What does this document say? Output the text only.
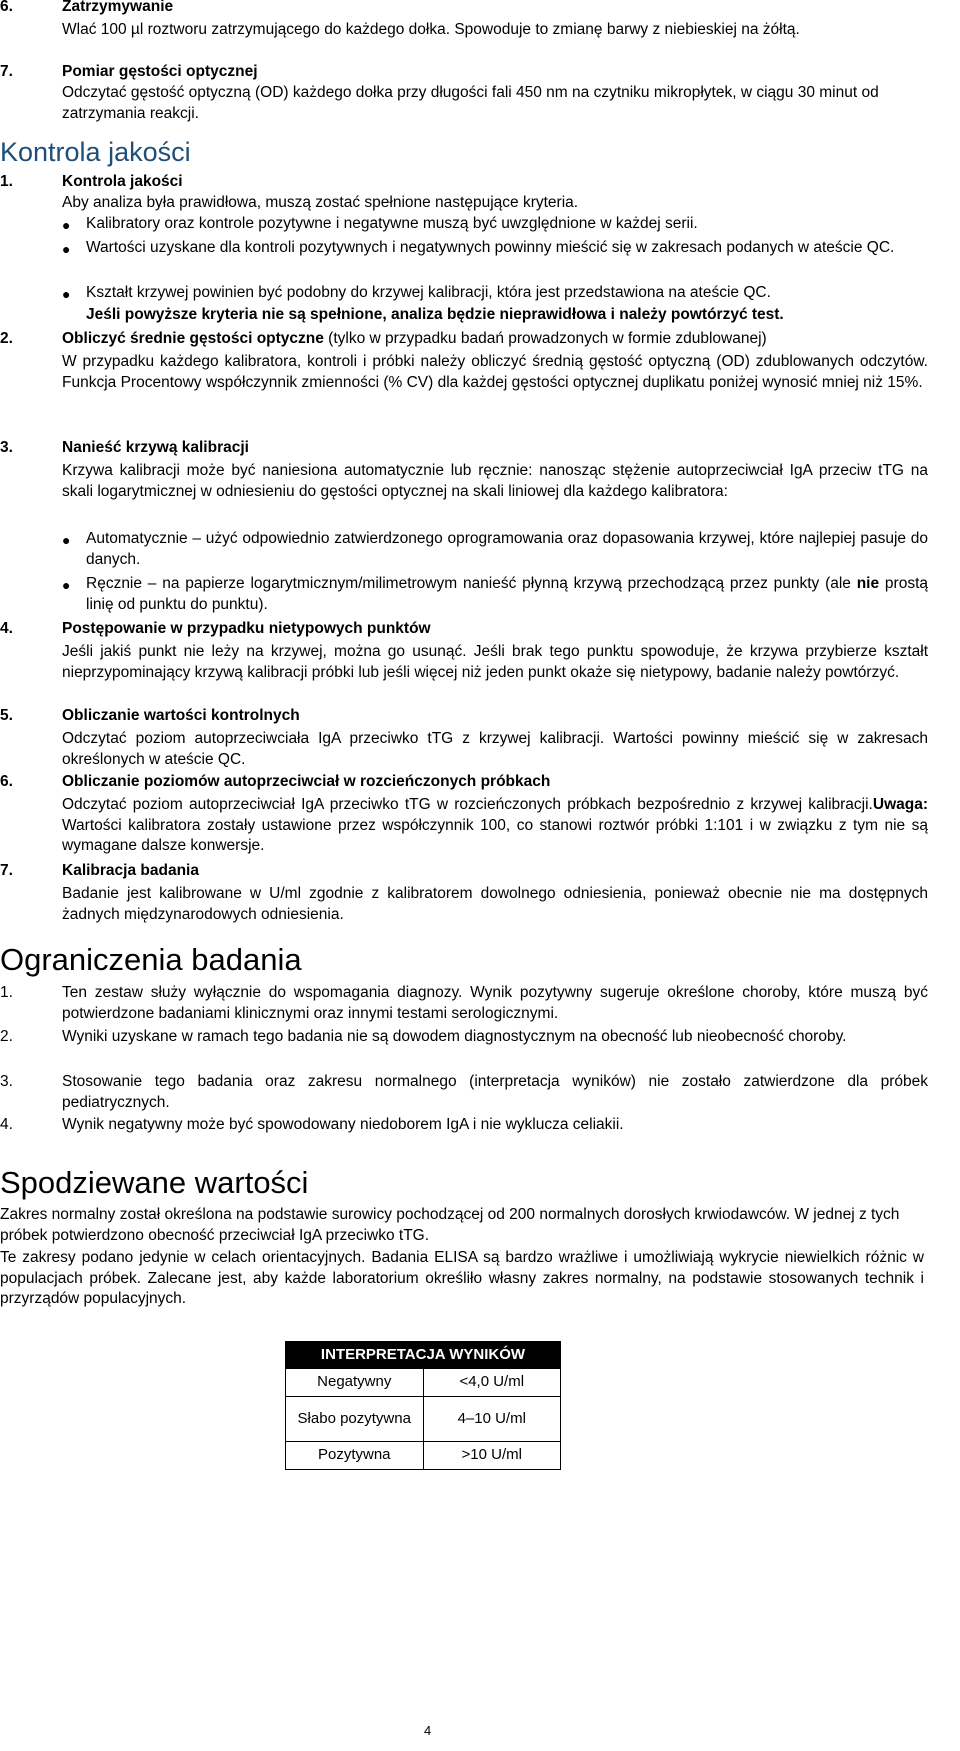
6.	Zatrzymywanie
Wlać 100 µl roztworu zatrzymującego do każdego dołka. Spowoduje to zmianę barwy z niebieskiej na żółtą.
7.	Pomiar gęstości optycznej
Odczytać gęstość optyczną (OD) każdego dołka przy długości fali 450 nm na czytniku mikropłytek, w ciągu 30 minut od zatrzymania reakcji.
Kontrola jakości
1.	Kontrola jakości
Aby analiza była prawidłowa, muszą zostać spełnione następujące kryteria.
● Kalibratory oraz kontrole pozytywne i negatywne muszą być uwzględnione w każdej serii.
● Wartości uzyskane dla kontroli pozytywnych i negatywnych powinny mieścić się w zakresach podanych w ateście QC.
● Kształt krzywej powinien być podobny do krzywej kalibracji, która jest przedstawiona na ateście QC.
Jeśli powyższe kryteria nie są spełnione, analiza będzie nieprawidłowa i należy powtórzyć test.
2.	Obliczyć średnie gęstości optyczne (tylko w przypadku badań prowadzonych w formie zdublowanej)
W przypadku każdego kalibratora, kontroli i próbki należy obliczyć średnią gęstość optyczną (OD) zdublowanych odczytów. Funkcja Procentowy współczynnik zmienności (% CV) dla każdej gęstości optycznej duplikatu poniżej wynosić mniej niż 15%.
3.	Nanieść krzywą kalibracji
Krzywa kalibracji może być naniesiona automatycznie lub ręcznie: nanosząc stężenie autoprzeciwciał IgA przeciw tTG na skali logarytmicznej w odniesieniu do gęstości optycznej na skali liniowej dla każdego kalibratora:
● Automatycznie – użyć odpowiednio zatwierdzonego oprogramowania oraz dopasowania krzywej, które najlepiej pasuje do danych.
● Ręcznie – na papierze logarytmicznym/milimetrowym nanieść płynną krzywą przechodzącą przez punkty (ale nie prostą linię od punktu do punktu).
4.	Postępowanie w przypadku nietypowych punktów
Jeśli jakiś punkt nie leży na krzywej, można go usunąć. Jeśli brak tego punktu spowoduje, że krzywa przybierze kształt nieprzypominający krzywą kalibracji próbki lub jeśli więcej niż jeden punkt okaże się nietypowy, badanie należy powtórzyć.
5.	Obliczanie wartości kontrolnych
Odczytać poziom autoprzeciwciała IgA przeciwko tTG z krzywej kalibracji. Wartości powinny mieścić się w zakresach określonych w ateście QC.
6.	Obliczanie poziomów autoprzeciwciał w rozcieńczonych próbkach
Odczytać poziom autoprzeciwciał IgA przeciwko tTG w rozcieńczonych próbkach bezpośrednio z krzywej kalibracji.Uwaga: Wartości kalibratora zostały ustawione przez współczynnik 100, co stanowi roztwór próbki 1:101 i w związku z tym nie są wymagane dalsze konwersje.
7.	Kalibracja badania
Badanie jest kalibrowane w U/ml zgodnie z kalibratorem dowolnego odniesienia, ponieważ obecnie nie ma dostępnych żadnych międzynarodowych odniesienia.
Ograniczenia badania
1.	Ten zestaw służy wyłącznie do wspomagania diagnozy. Wynik pozytywny sugeruje określone choroby, które muszą być potwierdzone badaniami klinicznymi oraz innymi testami serologicznymi.
2.	Wyniki uzyskane w ramach tego badania nie są dowodem diagnostycznym na obecność lub nieobecność choroby.
3.	Stosowanie tego badania oraz zakresu normalnego (interpretacja wyników) nie zostało zatwierdzone dla próbek pediatrycznych.
4.	Wynik negatywny może być spowodowany niedoborem IgA i nie wyklucza celiakii.
Spodziewane wartości
Zakres normalny został określona na podstawie surowicy pochodzącej od 200 normalnych dorosłych krwiodawców. W jednej z tych próbek potwierdzono obecność przeciwciał IgA przeciwko tTG.
Te zakresy podano jedynie w celach orientacyjnych. Badania ELISA są bardzo wrażliwe i umożliwiają wykrycie niewielkich różnic w populacjach próbek. Zalecane jest, aby każde laboratorium określiło własny zakres normalny, na podstawie stosowanych technik i przyrządów populacyjnych.
INTERPRETACJA WYNIKÓW	
Negatywny	<4,0 U/ml
Słabo pozytywna	4–10 U/ml
Pozytywna	>10 U/ml
4
